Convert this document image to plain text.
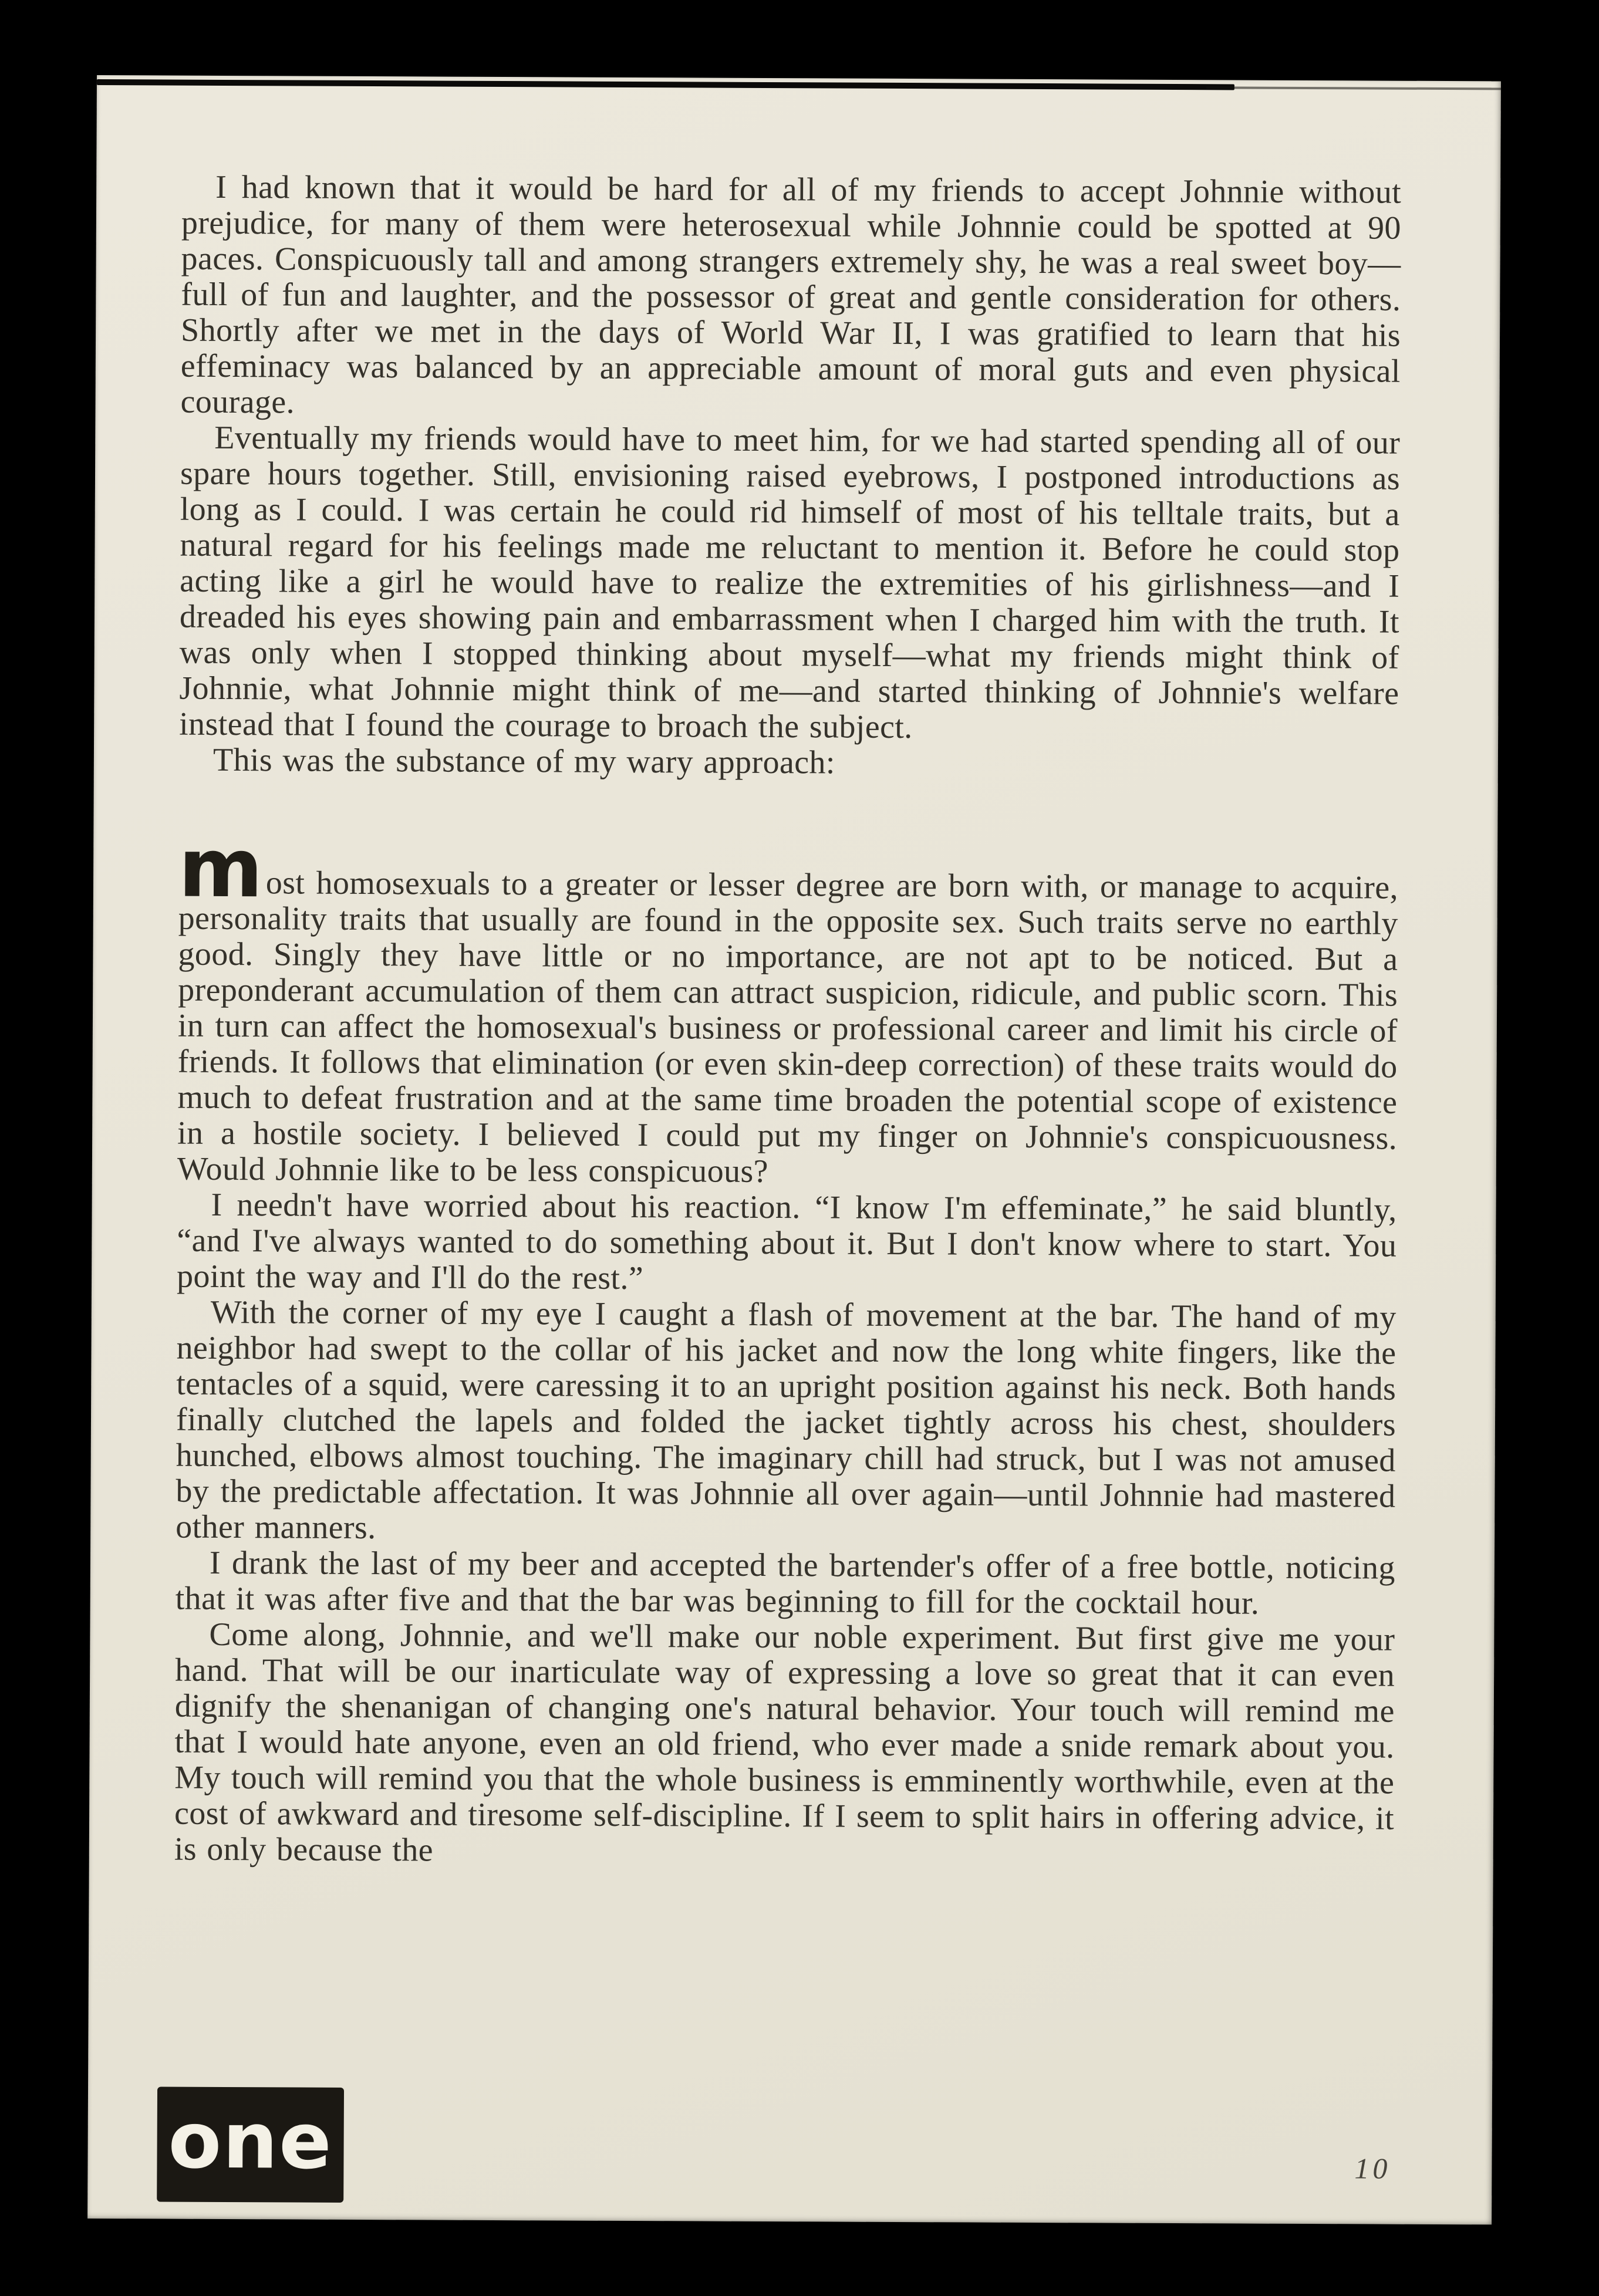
I had known that it would be hard for all of my friends to accept Johnnie without prejudice, for many of them were heterosexual while Johnnie could be spotted at 90 paces. Conspicuously tall and among strangers extremely shy, he was a real sweet boy—full of fun and laughter, and the possessor of great and gentle consideration for others. Shortly after we met in the days of World War II, I was gratified to learn that his effeminacy was balanced by an appreciable amount of moral guts and even physical courage.

Eventually my friends would have to meet him, for we had started spending all of our spare hours together. Still, envisioning raised eyebrows, I postponed introductions as long as I could. I was certain he could rid himself of most of his telltale traits, but a natural regard for his feelings made me reluctant to mention it. Before he could stop acting like a girl he would have to realize the extremities of his girlishness—and I dreaded his eyes showing pain and embarrassment when I charged him with the truth. It was only when I stopped thinking about myself—what my friends might think of Johnnie, what Johnnie might think of me—and started thinking of Johnnie's welfare instead that I found the courage to broach the subject.

This was the substance of my wary approach:

most homosexuals to a greater or lesser degree are born with, or manage to acquire, personality traits that usually are found in the opposite sex. Such traits serve no earthly good. Singly they have little or no importance, are not apt to be noticed. But a preponderant accumulation of them can attract suspicion, ridicule, and public scorn. This in turn can affect the homosexual's business or professional career and limit his circle of friends. It follows that elimination (or even skin-deep correction) of these traits would do much to defeat frustration and at the same time broaden the potential scope of existence in a hostile society. I believed I could put my finger on Johnnie's conspicuousness. Would Johnnie like to be less conspicuous?

I needn't have worried about his reaction. “I know I'm effeminate,” he said bluntly, “and I've always wanted to do something about it. But I don't know where to start. You point the way and I'll do the rest.”

With the corner of my eye I caught a flash of movement at the bar. The hand of my neighbor had swept to the collar of his jacket and now the long white fingers, like the tentacles of a squid, were caressing it to an upright position against his neck. Both hands finally clutched the lapels and folded the jacket tightly across his chest, shoulders hunched, elbows almost touching. The imaginary chill had struck, but I was not amused by the predictable affectation. It was Johnnie all over again—until Johnnie had mastered other manners.

I drank the last of my beer and accepted the bartender's offer of a free bottle, noticing that it was after five and that the bar was beginning to fill for the cocktail hour.

Come along, Johnnie, and we'll make our noble experiment. But first give me your hand. That will be our inarticulate way of expressing a love so great that it can even dignify the shenanigan of changing one's natural behavior. Your touch will remind me that I would hate anyone, even an old friend, who ever made a snide remark about you. My touch will remind you that the whole business is emminently worthwhile, even at the cost of awkward and tiresome self-discipline. If I seem to split hairs in offering advice, it is only because the

one	10
